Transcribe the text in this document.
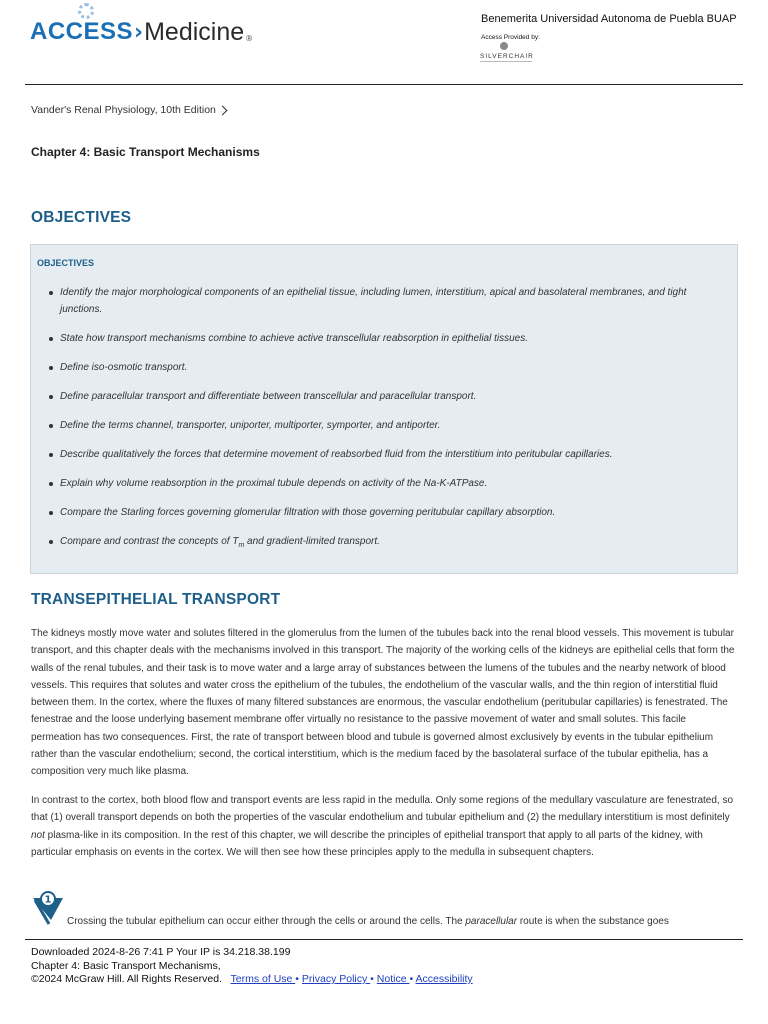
ACCESS › Medicine ®
Benemerita Universidad Autonoma de Puebla BUAP
Access Provided by:
SILVERCHAIR
Vander's Renal Physiology, 10th Edition
Chapter 4: Basic Transport Mechanisms
OBJECTIVES
OBJECTIVES
Identify the major morphological components of an epithelial tissue, including lumen, interstitium, apical and basolateral membranes, and tight junctions.
State how transport mechanisms combine to achieve active transcellular reabsorption in epithelial tissues.
Define iso-osmotic transport.
Define paracellular transport and differentiate between transcellular and paracellular transport.
Define the terms channel, transporter, uniporter, multiporter, symporter, and antiporter.
Describe qualitatively the forces that determine movement of reabsorbed fluid from the interstitium into peritubular capillaries.
Explain why volume reabsorption in the proximal tubule depends on activity of the Na-K-ATPase.
Compare the Starling forces governing glomerular filtration with those governing peritubular capillary absorption.
Compare and contrast the concepts of $T_m$ and gradient-limited transport.
TRANSEPITHELIAL TRANSPORT

The kidneys mostly move water and solutes filtered in the glomerulus from the lumen of the tubules back into the renal blood vessels. This movement is tubular transport, and this chapter deals with the mechanisms involved in this transport. The majority of the working cells of the kidneys are epithelial cells that form the walls of the renal tubules, and their task is to move water and a large array of substances between the lumens of the tubules and the nearby network of blood vessels. This requires that solutes and water cross the epithelium of the tubules, the endothelium of the vascular walls, and the thin region of interstitial fluid between them. In the cortex, where the fluxes of many filtered substances are enormous, the vascular endothelium (peritubular capillaries) is fenestrated. The fenestrae and the loose underlying basement membrane offer virtually no resistance to the passive movement of water and small solutes. This facile permeation has two consequences. First, the rate of transport between blood and tubule is governed almost exclusively by events in the tubular epithelium rather than the vascular endothelium; second, the cortical interstitium, which is the medium faced by the basolateral surface of the tubular epithelia, has a composition very much like plasma.

In contrast to the cortex, both blood flow and transport events are less rapid in the medulla. Only some regions of the medullary vasculature are fenestrated, so that (1) overall transport depends on both the properties of the vascular endothelium and tubular epithelium and (2) the medullary interstitium is most definitely not plasma-like in its composition. In the rest of this chapter, we will describe the principles of epithelial transport that apply to all parts of the kidney, with particular emphasis on events in the cortex. We will then see how these principles apply to the medulla in subsequent chapters.

1
Crossing the tubular epithelium can occur either through the cells or around the cells. The paracellular route is when the substance goes
Downloaded 2024-8-26 7:41 P Your IP is 34.218.38.199
Chapter 4: Basic Transport Mechanisms,
©2024 McGraw Hill. All Rights Reserved. Terms of Use • Privacy Policy • Notice • Accessibility
